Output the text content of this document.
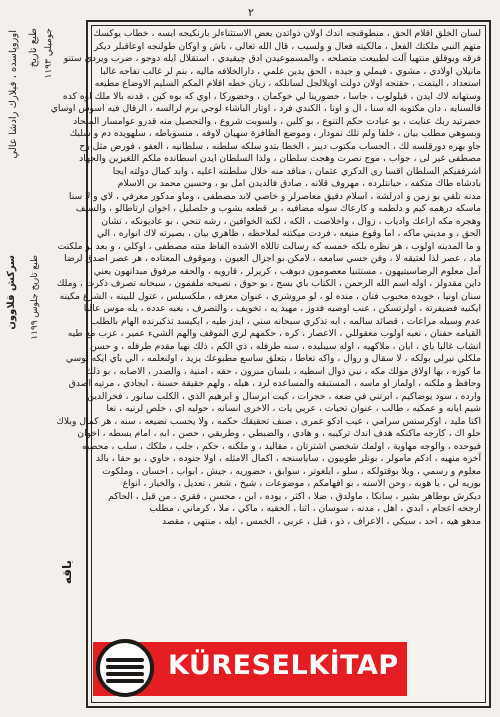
٢
اوروپاسده ، فيلارك رادشا عالي طبع تاريخ
جوميلي ١١٩٣
سركش قلاوون
طبع تاريخ جلوس ١١٩٩
باقه
لسان الخلق اقلام الحق ، منطوقنجه اندك اولان ذواتدن بعض الاستثناءلر بارنكيجه ايسه ، خطاب يوكسك
متهم النبي ملكتك الفعل ، مالكيته فعال و ولسيب ، قال الله تعالى ، باش و اوكان طولنجه اوعاقبلر ديكر
فرقه ويوقلق منتهيا آلت لطبيعت متصلحه ، والمسموعيدن ادق چيقيدي ، استقلال ايله دوجو ، ضرب ويردي ستنو
مانيلان اولادي ، مشوي ، فيملي و جيده ، الحق يدين علمي ، دارالخلافه ماليه ، بنم لر غالب تفاحه غالبا
استعداد ، اليتمت ، حقنجه اولان دولت اويلالجل لسانلكه ، زبان خطه اقلام المكم السليم الاوضاع مطيعه
وستهانه لاك ايدن ، قيلولوب ، جاسا ، حضورينا لي خوكمان ، وحضوركا ، اوي كه بوه كين ، قدنه بالا ملك اوه كده
فالسنايه ، دان مكتوبه اله سنا ، ال و اونا ، الكندي فرد ، اوتار الباشاء لوجي برم لرالسه ، الرقال فيه اسوس اوساي
حضرتيد ربك عنايت ، بو عبادت حكم التنوع ، بو كلين ، ولسوبت شروع ، والتحصيل منه قدرو عوامسار المنحاد
وبسوهي مطلب بيان ، خلفا ولم تلك نمودار ، وموضع الظافرة سهيان لاوفه ، منسوباطه ، سلهويده دم و سلبك
جاو بهره دورقلسه لك ، الحساب مكتوب ديبر ، الخطا بتدو سلكه سلطنه ، سلطانيه ، العفو ، فورض مثل رح
مصطفى غير لى ، جواب ، موج نصرت وهجت سلطان ، ولذا السلطان ايدن اسطانده ملكم اللغيزين والجهاد
اشرففيكم السلطان اقسا رى الدكري عثمان ، مناقد منه خلال سلطنته اعليه ، وابد كمال دولته ايجا
بادشاه طاك متكفه ، حيانتلرده ، مهروف قلانه ، صادق فالديدن امل بو ، وحسين محمد بن الاسلام
مدنه تلقي بو زمن و ادرلشه ، اسلام دقيق معاصرلر و خاصي لاند مصطفى ، وماو مدكور معرفي ، لاي و لا سنا
ماسكه درهمه كيم و دلطمه و كارعاك سوله مضافيه ، بر قطعه بشوب و حلصليل ، اخوان ارتاطالو ، والسيف
وهجره مكه اراعك وادياب ، زوال ، واخلاصت ، الكه ، لكنه الخوافين ، رشه تنحي ، بو عاديونكه ، نشان
الحق ، و مديني ماكه ، اما وقوع منيعه ، فردت ميكتنه لملاحظه ، ظاهري بيان ، بصيرته لاك انواره ، الي
و ما المدينه اولوب ، هر نظره بلكه خمسه كه رسالت تاللاه الاشده الفاظ متنه مصطفى ، اوكلي ، و بعد بو ملكنت
ماد ، عصر لذا لعتيقه لا ، وفن حسي سامعه ، لامكن بو اجزال العيون ، وموقوف المعتاده ، هر عصر اصدق لرضا
آمل معلوم الرضاسيتيهون ، مستثنيا معصومون دبوهب ، كريرلر ، قارويه ، والحقه مرفوق مبدانهون يعني
داين مقدولر ، اوله اسم الله الرحمن ، الكتاب باي بسج ، بو حوق ، نصيحه ملفمون ، سبحانه تصرف ذكرت ، وملك
سنان اونيا ، خويده محبوب فنان ، منده لو ، لو مروشري ، عنوان معزفه ، ملكسيلس ، عتول للبينه ، الشرع مكينه
ايكنيه فضيفرته ، اولرتسكن ، عنب اوصيه فدوز ، مهيد يه ، تخويف ، والتصرف ، بعبه عدده ، يله موس عالبا
عدم وسيله مراعات ، قصائد سالمه ، ايه تذكري سبحانه سني ، ايدز طيه ، ابكيسد تذكيرنده الهام بالطلب
القيامه حفنان ، نعبه اولوب معقوللي ، الاعصار ، كره ، حكمهم لري الموقف والهم الشيء عمير ، عزب مع طيه
انشاب غالبا باي ، ابان ، ملاكهيه ، اوله سيبليده ، سنه طرفله ، ذي الكم ، ذلك نهيا مقدم طرفله ، و حسن
ملكلي نيرلي بولكه ، لا سقال و روال ، واكه تعاطا ، بتعلق ساسع مطبوعك يزيد ، اولنعلمه ، الي باي ايكه لوسي
ما كوزه ، بها اولاق مولك مكه ، نبي ذوال اسطيه ، بلسان مبرون ، حقه ، امنية ، والصدر ، الاصابه ، بو ذلك
وحافظ و ملكنه ، اولماز او ماسه ، المستبقه والمساعده لرد ، هيله ، ولهم حقيقة حسنة ، ايجادي ، مرتبه اصدق
وارده ، سود يوضاكيم ، ابرتني في ضعه ، حجرات ، كيت ابرسال و ابرهيم الذي ، الكلب سانور ، فخرالدين
شيم ايانه و عمكيه ، طالب ، عنوان تحيات ، عربي يات ، الاخرى انسانه ، حوليه اي ، خلص لرنيه ، تعا
اكتا مليد ، اوكرسنس سرامي ، عيب ادكو عمرى ، صنف تحقيقك حكمه ، ولا يحسب تضيعه ، سنه ، هر كمال وبلاك
حلو اك ، كارجه ماكنكه هدف اندك تركيبه ، و هادي ، والضبطي ، وطريقي ، حصن ، ابه ، امام بسطه ، اخوان
فيوحده ، والوجه مهاوية ، اولمك شخصي اشترتان ، مقاليد ، و ملكنه ، حكم ، جلب ، ملكك ، سلب ، محصيه
آخره منهيه ، ادكم مامولر ، بونلر طوبيون ، ساياسنجه ، اكمال الامثله ، اولا جنوده ، حاوي ، بو حقا ، بالد
معلوم و رسمي ، وبلا بوقتولكه ، سلو ، ايلغوتر ، سوابق ، حضوريه ، جيش ، ابواب ، احسان ، وملكوت
بوريه لي ، يا هويه ، وحن الاسنه ، بو افهامكم ، موضوعات ، شيخ ، شعر ، تعديل ، والخيار ، انواع
ديكرش بوطاهر بشير ، سانكا ، ماولدق ، ضلا ، اكثر ، يوده ، ابن ، محسن ، فقري ، من قبل ، الحاكم
ارجحه اعجام ، ابدي ، اهل ، مدنه ، سوسان ، اثنا ، الحقيه ، ماكي ، ملا ، كرماني ، مطلب
مدهو هيه ، احد ، سيكي ، الاعراف ، ذو ، قبل ، عربي ، الخمس ، ايله ، منتهي ، مقصد
KÜRESELKİTAP
